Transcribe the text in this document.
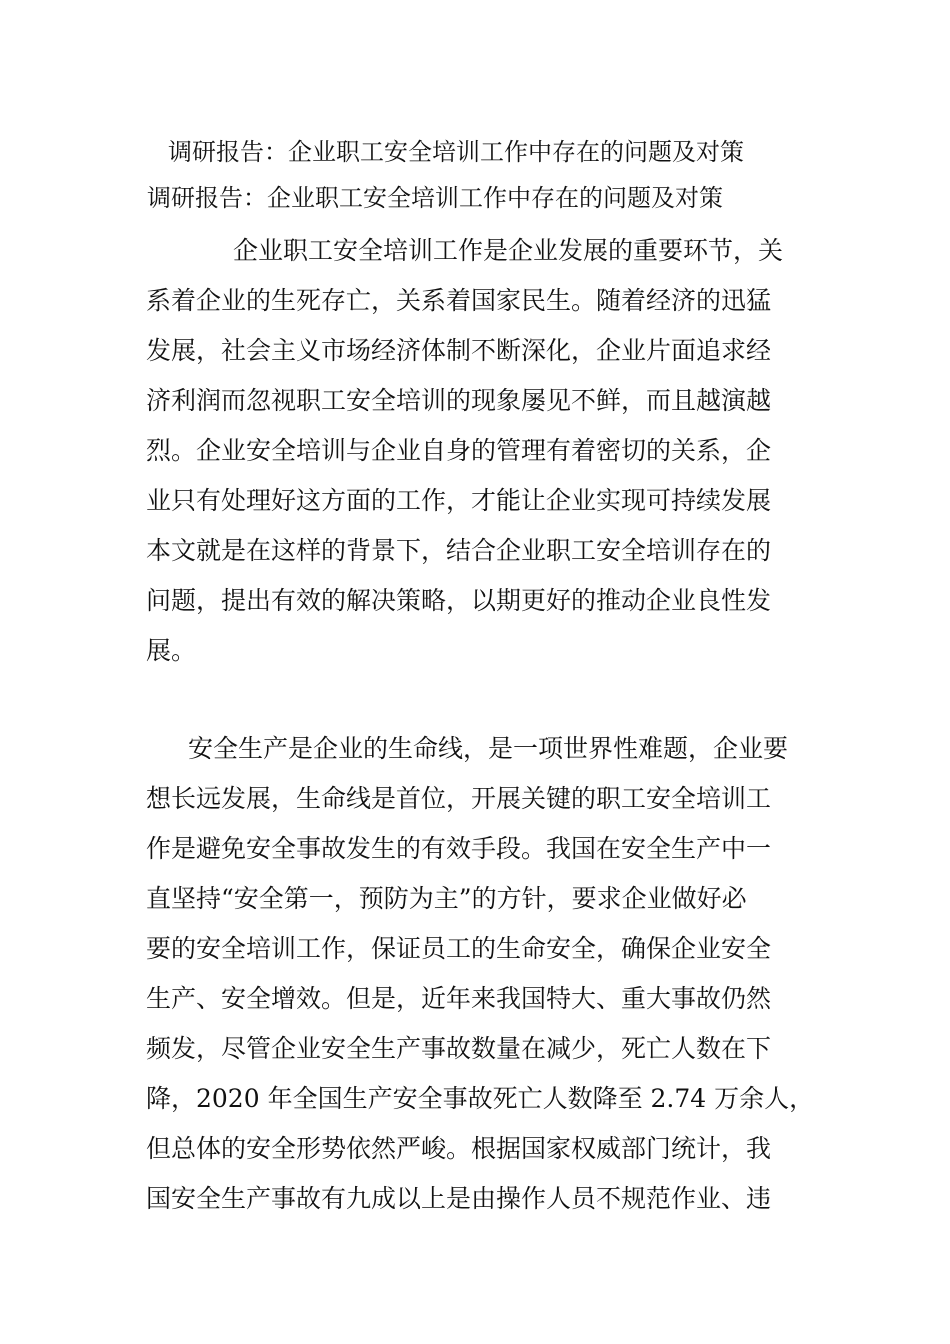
调研报告：企业职工安全培训工作中存在的问题及对策
调研报告：企业职工安全培训工作中存在的问题及对策
企业职工安全培训工作是企业发展的重要环节，关
系着企业的生死存亡，关系着国家民生。随着经济的迅猛
发展，社会主义市场经济体制不断深化，企业片面追求经
济利润而忽视职工安全培训的现象屡见不鲜，而且越演越
烈。企业安全培训与企业自身的管理有着密切的关系，企
业只有处理好这方面的工作，才能让企业实现可持续发展
本文就是在这样的背景下，结合企业职工安全培训存在的
问题，提出有效的解决策略，以期更好的推动企业良性发
展。
安全生产是企业的生命线，是一项世界性难题，企业要
想长远发展，生命线是首位，开展关键的职工安全培训工
作是避免安全事故发生的有效手段。我国在安全生产中一
直坚持“安全第一，预防为主”的方针，要求企业做好必
要的安全培训工作，保证员工的生命安全，确保企业安全
生产、安全增效。但是，近年来我国特大、重大事故仍然
频发，尽管企业安全生产事故数量在减少，死亡人数在下
降，2020 年全国生产安全事故死亡人数降至 2.74 万余人，
但总体的安全形势依然严峻。根据国家权威部门统计，我
国安全生产事故有九成以上是由操作人员不规范作业、违
